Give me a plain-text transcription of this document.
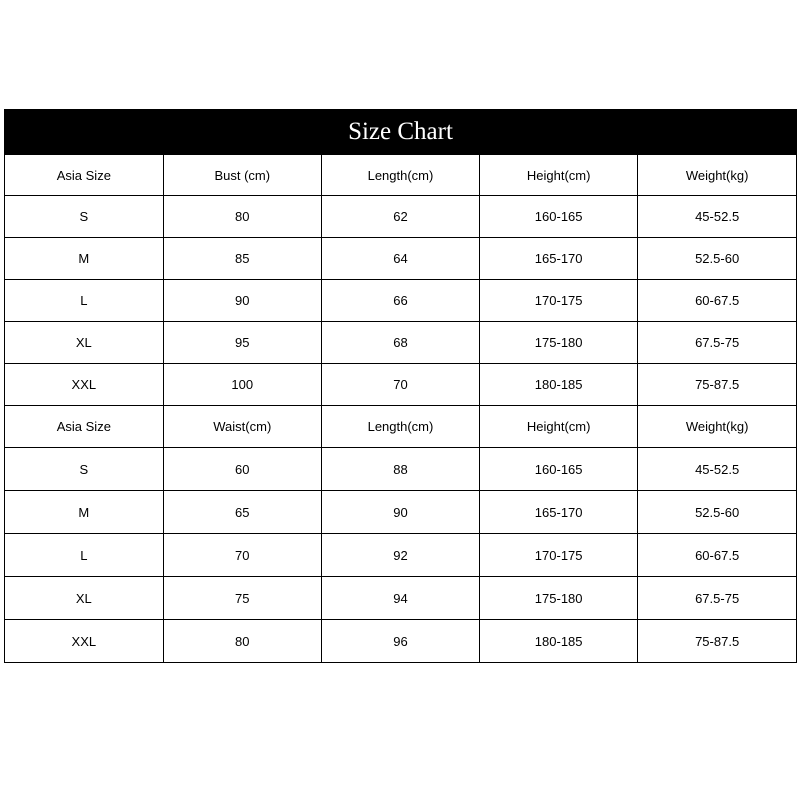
Size Chart
Asia Size	Bust (cm)	Length(cm)	Height(cm)	Weight(kg)
S	80	62	160-165	45-52.5
M	85	64	165-170	52.5-60
L	90	66	170-175	60-67.5
XL	95	68	175-180	67.5-75
XXL	100	70	180-185	75-87.5
Asia Size	Waist(cm)	Length(cm)	Height(cm)	Weight(kg)
S	60	88	160-165	45-52.5
M	65	90	165-170	52.5-60
L	70	92	170-175	60-67.5
XL	75	94	175-180	67.5-75
XXL	80	96	180-185	75-87.5
